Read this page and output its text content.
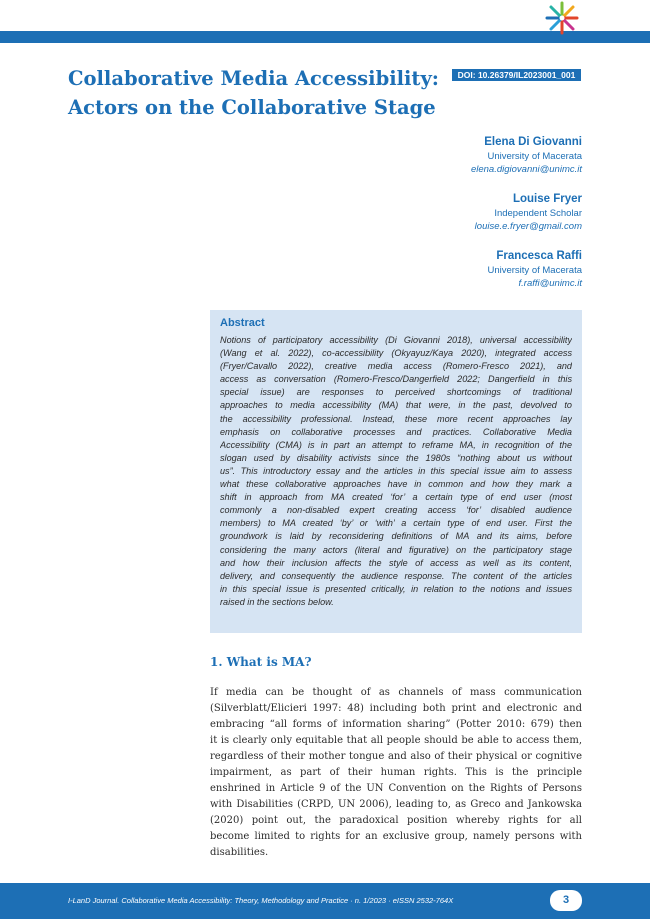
DOI: 10.26379/IL2023001_001
Collaborative Media Accessibility:
Actors on the Collaborative Stage
Elena Di Giovanni
University of Macerata
elena.digiovanni@unimc.it
Louise Fryer
Independent Scholar
louise.e.fryer@gmail.com
Francesca Raffi
University of Macerata
f.raffi@unimc.it
Abstract
Notions of participatory accessibility (Di Giovanni 2018), universal accessibility
(Wang et al. 2022), co-accessibility (Okyayuz/Kaya 2020), integrated access
(Fryer/Cavallo 2022), creative media access (Romero-Fresco 2021), and
access as conversation (Romero-Fresco/Dangerfield 2022; Dangerfield in this
special issue) are responses to perceived shortcomings of traditional
approaches to media accessibility (MA) that were, in the past, devolved to
the accessibility professional. Instead, these more recent approaches lay
emphasis on collaborative processes and practices. Collaborative Media
Accessibility (CMA) is in part an attempt to reframe MA, in recognition of the
slogan used by disability activists since the 1980s “nothing about us without
us”. This introductory essay and the articles in this special issue aim to assess
what these collaborative approaches have in common and how they mark a
shift in approach from MA created ‘for’ a certain type of end user (most
commonly a non-disabled expert creating access ‘for’ disabled audience
members) to MA created ‘by’ or ‘with’ a certain type of end user. First the
groundwork is laid by reconsidering definitions of MA and its aims, before
considering the many actors (literal and figurative) on the participatory stage
and how their inclusion affects the style of access as well as its content,
delivery, and consequently the audience response. The content of the articles
in this special issue is presented critically, in relation to the notions and issues
raised in the sections below.
1. What is MA?
If media can be thought of as channels of mass communication
(Silverblatt/Elicieri 1997: 48) including both print and electronic and
embracing “all forms of information sharing” (Potter 2010: 679) then
it is clearly only equitable that all people should be able to access them,
regardless of their mother tongue and also of their physical or cognitive
impairment, as part of their human rights. This is the principle
enshrined in Article 9 of the UN Convention on the Rights of Persons
with Disabilities (CRPD, UN 2006), leading to, as Greco and Jankowska
(2020) point out, the paradoxical position whereby rights for all
become limited to rights for an exclusive group, namely persons with
disabilities.
I-LanD Journal. Collaborative Media Accessibility: Theory, Methodology and Practice · n. 1/2023 · eISSN 2532-764X	3
